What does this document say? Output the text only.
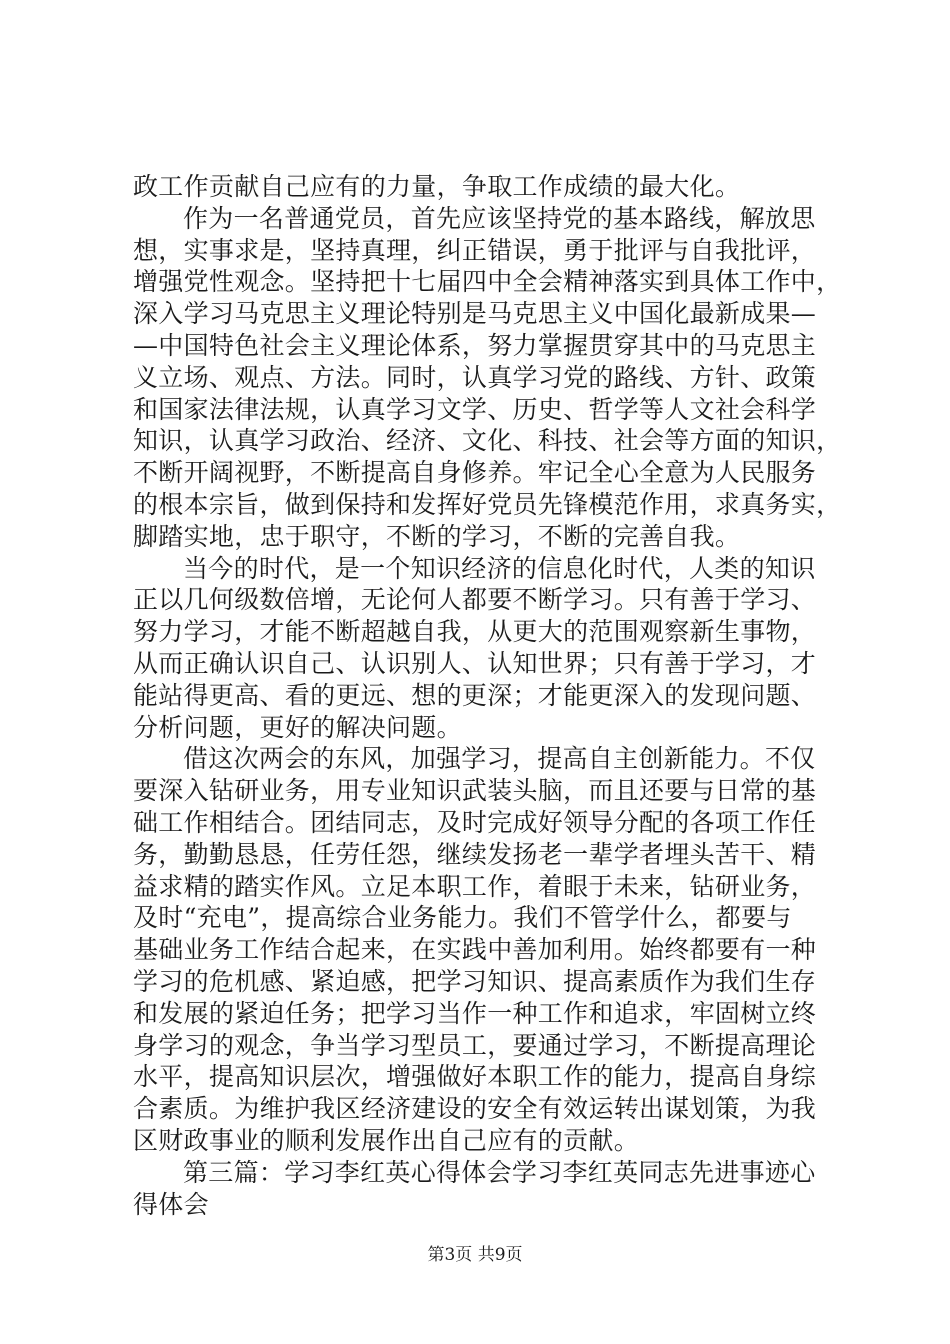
政工作贡献自己应有的力量，争取工作成绩的最大化。
作为一名普通党员，首先应该坚持党的基本路线，解放思
想，实事求是，坚持真理，纠正错误，勇于批评与自我批评，
增强党性观念。坚持把十七届四中全会精神落实到具体工作中，
深入学习马克思主义理论特别是马克思主义中国化最新成果—
—中国特色社会主义理论体系，努力掌握贯穿其中的马克思主
义立场、观点、方法。同时，认真学习党的路线、方针、政策
和国家法律法规，认真学习文学、历史、哲学等人文社会科学
知识，认真学习政治、经济、文化、科技、社会等方面的知识，
不断开阔视野，不断提高自身修养。牢记全心全意为人民服务
的根本宗旨，做到保持和发挥好党员先锋模范作用，求真务实，
脚踏实地，忠于职守，不断的学习，不断的完善自我。
当今的时代，是一个知识经济的信息化时代，人类的知识
正以几何级数倍增，无论何人都要不断学习。只有善于学习、
努力学习，才能不断超越自我，从更大的范围观察新生事物，
从而正确认识自己、认识别人、认知世界；只有善于学习，才
能站得更高、看的更远、想的更深；才能更深入的发现问题、
分析问题，更好的解决问题。
借这次两会的东风，加强学习，提高自主创新能力。不仅
要深入钻研业务，用专业知识武装头脑，而且还要与日常的基
础工作相结合。团结同志，及时完成好领导分配的各项工作任
务，勤勤恳恳，任劳任怨，继续发扬老一辈学者埋头苦干、精
益求精的踏实作风。立足本职工作，着眼于未来，钻研业务，
及时“充电”，提高综合业务能力。我们不管学什么，都要与
基础业务工作结合起来，在实践中善加利用。始终都要有一种
学习的危机感、紧迫感，把学习知识、提高素质作为我们生存
和发展的紧迫任务；把学习当作一种工作和追求，牢固树立终
身学习的观念，争当学习型员工，要通过学习，不断提高理论
水平，提高知识层次，增强做好本职工作的能力，提高自身综
合素质。为维护我区经济建设的安全有效运转出谋划策，为我
区财政事业的顺利发展作出自己应有的贡献。
第三篇：学习李红英心得体会学习李红英同志先进事迹心
得体会
第3页 共9页
